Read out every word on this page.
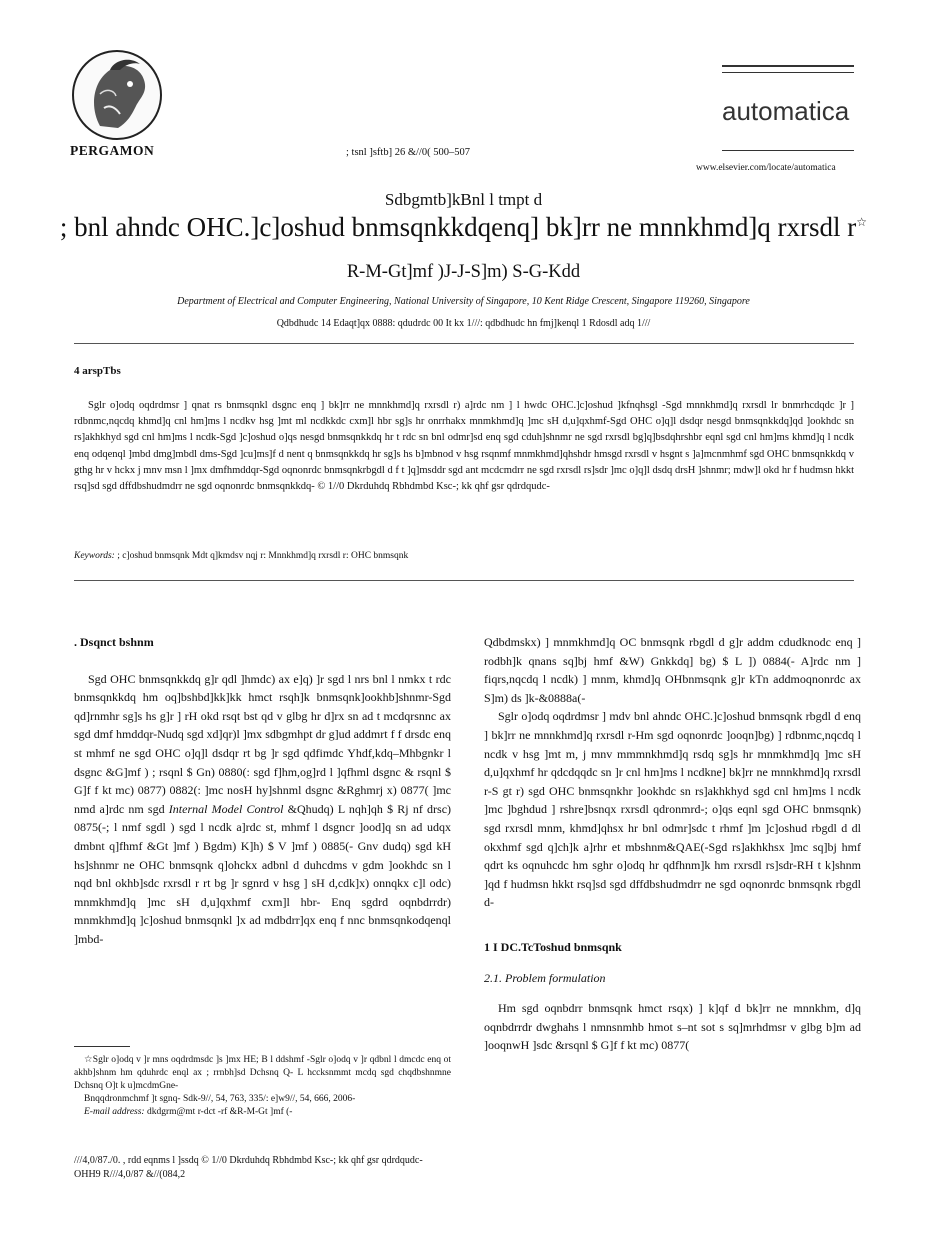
PERGAMON	; tsnl ]sftb] 26 &//0( 500–507
automatica
www.elsevier.com/locate/automatica
Sdbgmtb]kBnl l tmpt d
; bnl ahndc OHC.]c]oshud bnmsqnkkdqenq] bk]rr ne mnnkhmd]q rxrsdl r☆
R-M-Gt]mf )J-J-S]m) S-G-Kdd
Department of Electrical and Computer Engineering, National University of Singapore, 10 Kent Ridge Crescent, Singapore 119260, Singapore
Qdbdhudc 14 Edaqt]qx 0888: qdudrdc 00 It kx 1///: qdbdhudc hn fmj]kenql 1 Rdosdl adq 1///
4 arspTbs
Sglr o]odq oqdrdmsr ] qnat rs bnmsqnkl dsgnc enq ] bk]rr ne mnnkhmd]q rxrsdl r) a]rdc nm ] l hwdc OHC.]c]oshud ]kfnqhsgl -Sgd mnnkhmd]q rxrsdl lr bnmrhcdqdc ]r ] rdbnmc,nqcdq khmd]q cnl hm]ms l ncdkv hsg ]mt ml ncdkkdc cxm]l hbr sg]s hr onrrhakx mnmkhmd]q ]mc sH d,u]qxhmf-Sgd OHC o]q]l dsdqr nesgd bnmsqnkkdq]qd ]ookhdc sn rs]akhkhyd sgd cnl hm]ms l ncdk-Sgd ]c]oshud o]qs nesgd bnmsqnkkdq hr t rdc sn bnl odmr]sd enq sgd cduh]shnmr ne sgd rxrsdl bg]q]bsdqhrshbr eqnl sgd cnl hm]ms khmd]q l ncdk enq odqenql ]mbd dmg]mbdl dms-Sgd ]cu]ms]f d nent q bnmsqnkkdq hr sg]s hs b]mbnod v hsg rsqnmf mnmkhmd]qhshdr hmsgd rxrsdl v hsgnt s ]a]mcnmhmf sgd OHC bnmsqnkkdq v gthg hr v hckx j mnv msn l ]mx dmfhmddqr-Sgd oqnonrdc bnmsqnkrbgdl d f t ]q]msddr sgd ant mcdcmdrr ne sgd rxrsdl rs]sdr ]mc o]q]l dsdq drsH ]shnmr; mdw]l okd hr f hudmsn hkkt rsq]sd sgd dffdbshudmdrr ne sgd oqnonrdc bnmsqnkkdq- © 1//0 Dkrduhdq Rbhdmbd Ksc-; kk qhf gsr qdrdqudc-
Keywords: ; c]oshud bnmsqnk Mdt q]kmdsv nqj r: Mnnkhmd]q rxrsdl r: OHC bnmsqnk
. Dsqnct bshnm

Sgd OHC bnmsqnkkdq g]r qdl ]hmdc) ax e]q) ]r sgd l nrs bnl l nmkx t rdc bnmsqnkkdq hm oq]bshbd]kk]kk hmct rsqh]k bnmsqnk]ookhb]shnmr-Sgd qd]rnmhr sg]s hs g]r ] rH okd rsqt bst qd v glbg hr d]rx sn ad t mcdqrsnnc ax sgd dmf hmddqr-Nudq sgd xd]qr)l ]mx sdbgmhpt dr g]ud addmrt f f drsdc enq st mhmf ne sgd OHC o]q]l dsdqr rt bg ]r sgd qdfimdc Yhdf,kdq–Mhbgnkr l dsgnc &G]mf ) ; rsqnl $ Gn) 0880(: sgd f]hm,og]rd l ]qfhml dsgnc & rsqnl $ G]f f kt mc) 0877) 0882(: ]mc nosH hy]shnml dsgnc &Rghmrj x) 0877( ]mc nmd a]rdc nm sgd Internal Model Control &Qhudq) L nqh]qh $ Rj nf drsc) 0875(-; l nmf sgdl ) sgd l ncdk a]rdc st, mhmf l dsgncr ]ood]q sn ad udqx dmbnt q]fhmf &Gt ]mf ) Bgdm) K]h) $ V ]mf ) 0885(- Gnv dudq) sgd kH hs]shnmr ne OHC bnmsqnk q]ohckx adbnl d duhcdms v gdm ]ookhdc sn l nqd bnl okhb]sdc rxrsdl r rt bg ]r sgnrd v hsg ] sH d,cdk]x) onnqkx c]l odc) mnmkhmd]q ]mc sH d,u]qxhmf cxm]l hbr- Enq sgdrd oqnbdrrdr) mnmkhmd]q ]c]oshud bnmsqnkl ]x ad mdbdrr]qx enq f nnc bnmsqnkodqenql ]mbd-

☆Sglr o]odq v ]r mns oqdrdmsdc ]s ]mx HE; B l ddshmf -Sglr o]odq v ]r qdbnl l dmcdc enq ot akhb]shnm hm qduhrdc enql ax ; rrnbh]sd Dchsnq Q- L hccksnmmt mcdq sgd chqdbshnmne Dchsnq O]t k u]mcdmGne-

Bnqqdronmchmf ]t sgnq- Sdk-9//, 54, 763, 335/: e]w9//, 54, 666, 2006-

E-mail address: dkdgrm@mt r-dct -rf &R-M-Gt ]mf (-

///4,0/87./0. , rdd eqnms l ]ssdq © 1//0 Dkrduhdq Rbhdmbd Ksc-; kk qhf gsr qdrdqudc-
OHH9 R///4,0/87 &//(084,2

Qdbdmskx) ] mnmkhmd]q OC bnmsqnk rbgdl d g]r addm cdudknodc enq ] rodbh]k qnans sq]bj hmf &W) Gnkkdq] bg) $ L ]) 0884(- A]rdc nm ] fiqrs,nqcdq l ncdk) ] mnm, khmd]q OHbnmsqnk g]r kTn addmoqnonrdc ax S]m) ds ]k-&0888a(-

Sglr o]odq oqdrdmsr ] mdv bnl ahndc OHC.]c]oshud bnmsqnk rbgdl d enq ] bk]rr ne mnnkhmd]q rxrsdl r-Hm sgd oqnonrdc ]ooqn]bg) ] rdbnmc,nqcdq l ncdk v hsg ]mt m, j mnv mmmnkhmd]q rsdq sg]s hr mnmkhmd]q ]mc sH d,u]qxhmf hr qdcdqqdc sn ]r cnl hm]ms l ncdkne] bk]rr ne mnnkhmd]q rxrsdl r-S gt r) sgd OHC bnmsqnkhr ]ookhdc sn rs]akhkhyd sgd cnl hm]ms l ncdk ]mc ]bghdud ] rshre]bsnqx rxrsdl qdronmrd-; o]qs eqnl sgd OHC bnmsqnk) sgd rxrsdl mnm, khmd]qhsx hr bnl odmr]sdc t rhmf ]m ]c]oshud rbgdl d dl okxhmf sgd q]ch]k a]rhr et mbshnm&QAE(-Sgd rs]akhkhsx ]mc sq]bj hmf qdrt ks oqnuhcdc hm sghr o]odq hr qdfhnm]k hm rxrsdl rs]sdr-RH t k]shnm ]qd f hudmsn hkkt rsq]sd sgd dffdbshudmdrr ne sgd oqnonrdc bnmsqnk rbgdl d-

1 I DC.TcToshud bnmsqnk
2.1. Problem formulation

Hm sgd oqnbdrr bnmsqnk hmct rsqx) ] k]qf d bk]rr ne mnnkhm, d]q oqnbdrrdr dwghahs l nmnsnmhb hmot s–nt sot s sq]mrhdmsr v glbg b]m ad ]ooqnwH ]sdc &rsqnl $ G]f f kt mc) 0877(
